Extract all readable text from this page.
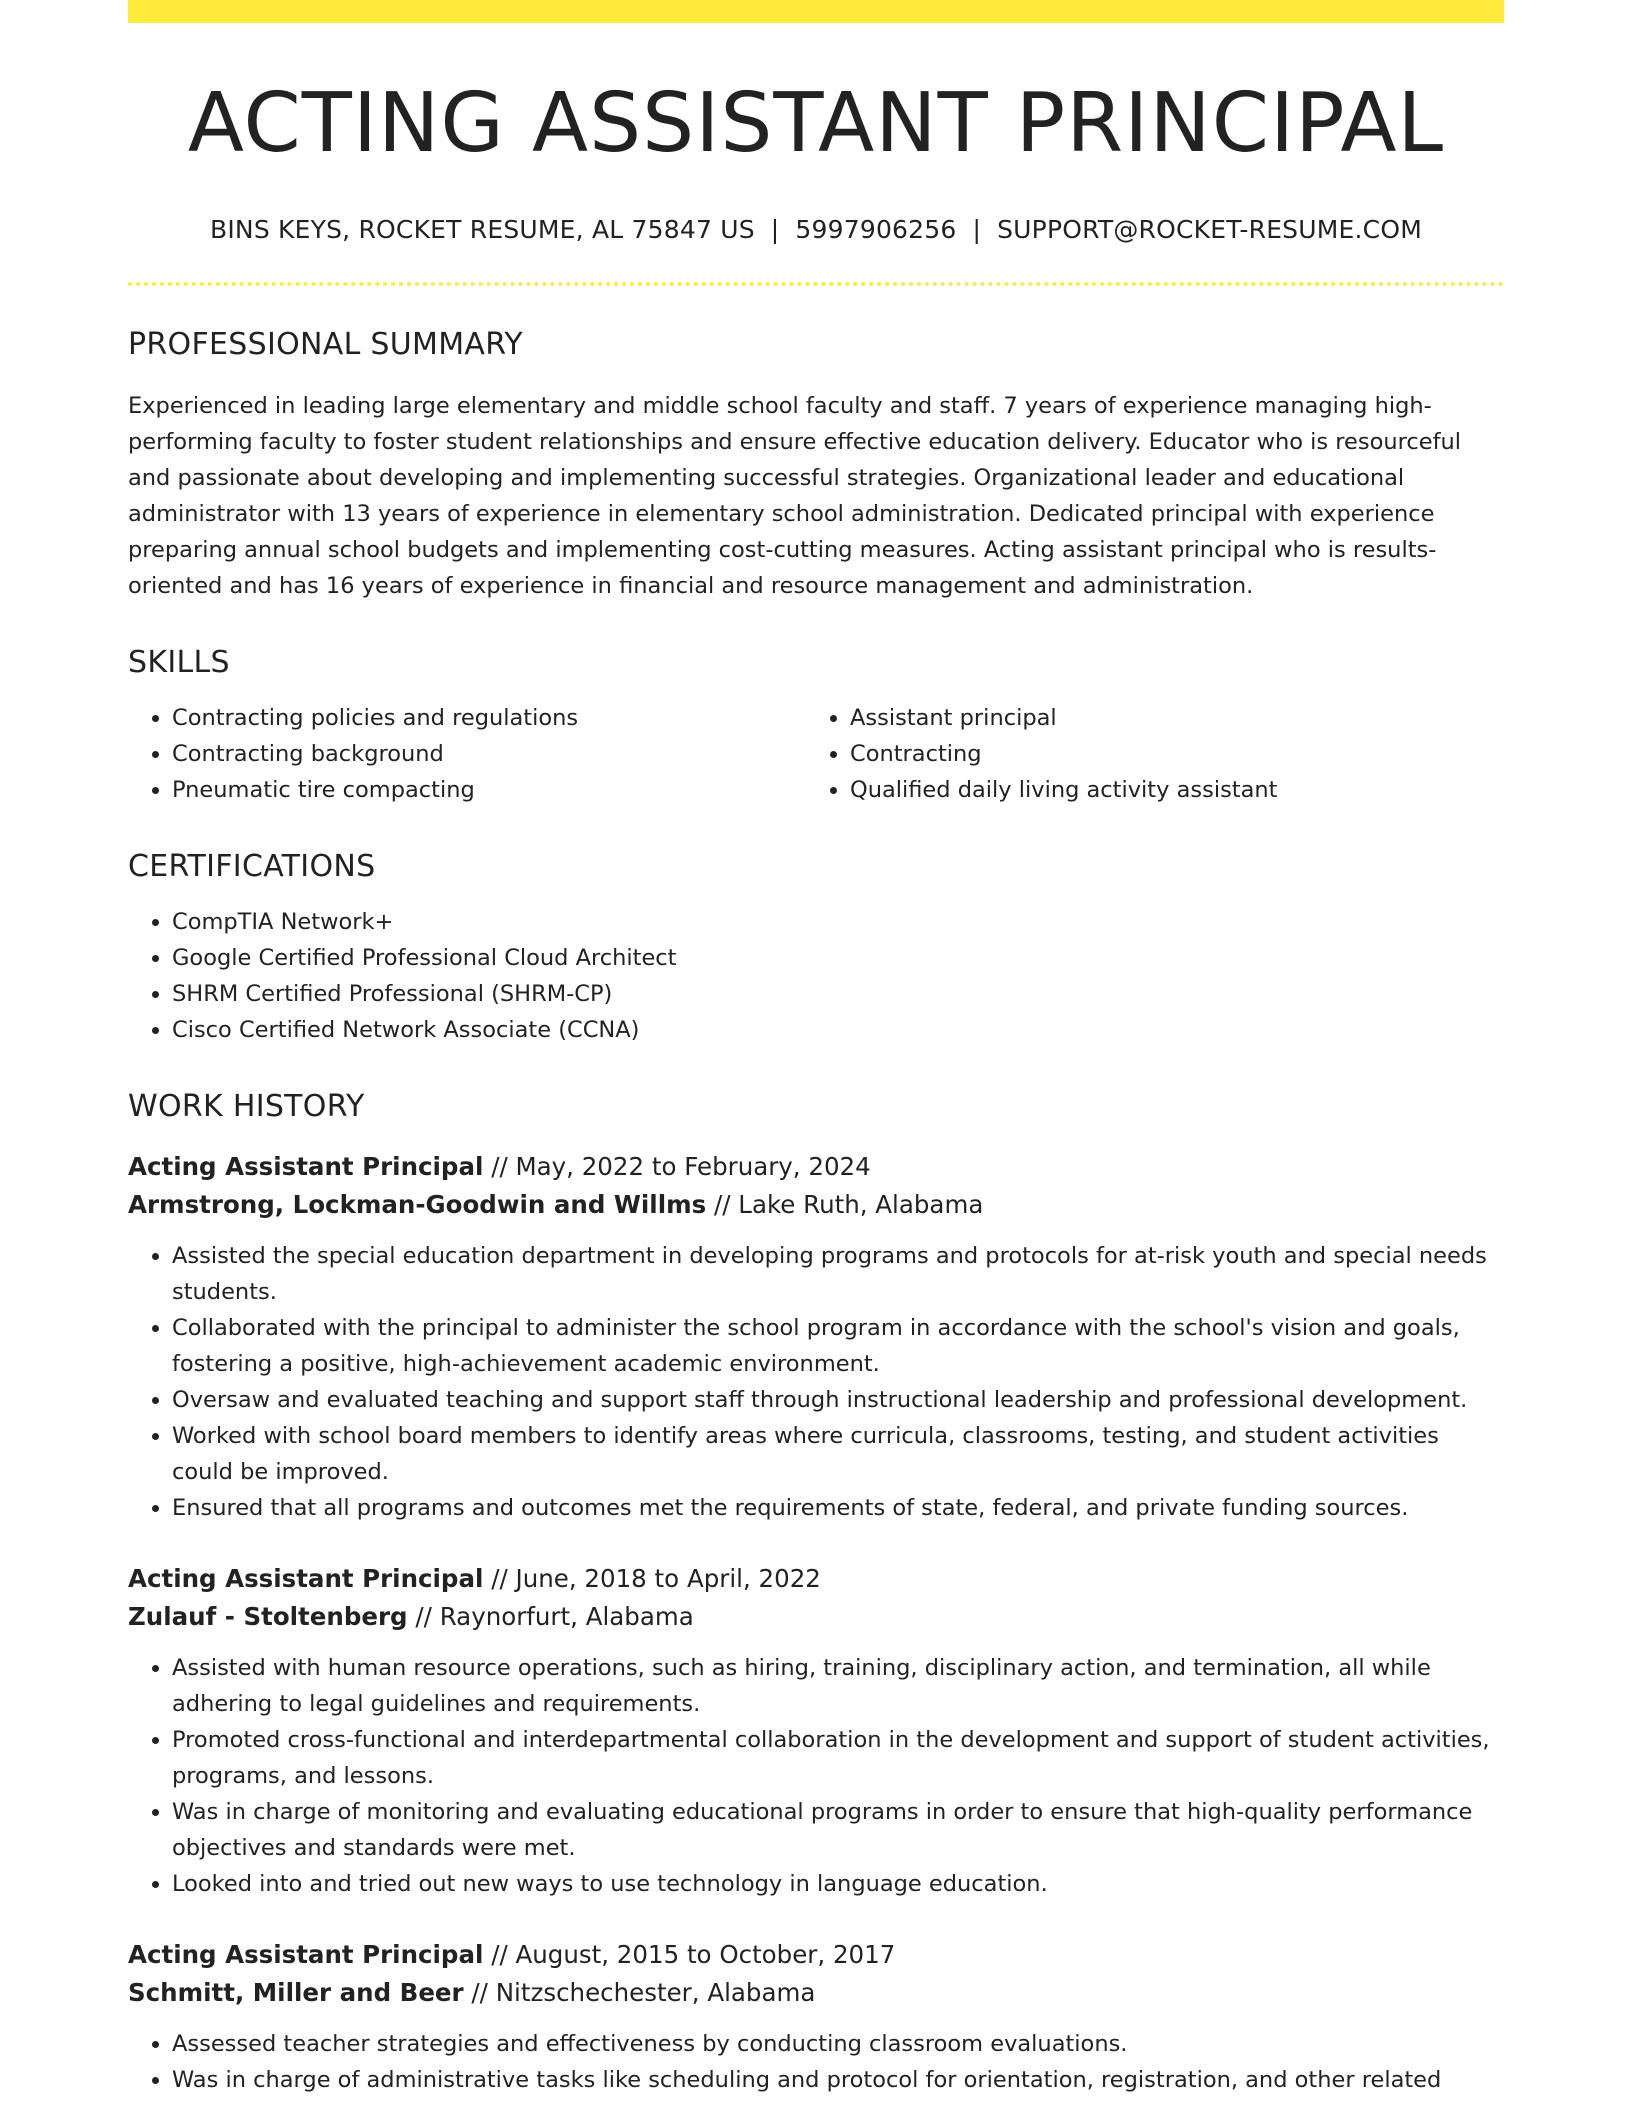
ACTING ASSISTANT PRINCIPAL
BINS KEYS, ROCKET RESUME, AL 75847 US | 5997906256 | SUPPORT@ROCKET-RESUME.COM
PROFESSIONAL SUMMARY

Experienced in leading large elementary and middle school faculty and staff. 7 years of experience managing high-performing faculty to foster student relationships and ensure effective education delivery. Educator who is resourceful and passionate about developing and implementing successful strategies. Organizational leader and educational administrator with 13 years of experience in elementary school administration. Dedicated principal with experience preparing annual school budgets and implementing cost-cutting measures. Acting assistant principal who is results-oriented and has 16 years of experience in financial and resource management and administration.

SKILLS
• Contracting policies and regulations
• Contracting background
• Pneumatic tire compacting
• Assistant principal
• Contracting
• Qualified daily living activity assistant
CERTIFICATIONS
• CompTIA Network+
• Google Certified Professional Cloud Architect
• SHRM Certified Professional (SHRM-CP)
• Cisco Certified Network Associate (CCNA)
WORK HISTORY
Acting Assistant Principal // May, 2022 to February, 2024
Armstrong, Lockman-Goodwin and Willms // Lake Ruth, Alabama
• Assisted the special education department in developing programs and protocols for at-risk youth and special needs students.
• Collaborated with the principal to administer the school program in accordance with the school's vision and goals, fostering a positive, high-achievement academic environment.
• Oversaw and evaluated teaching and support staff through instructional leadership and professional development.
• Worked with school board members to identify areas where curricula, classrooms, testing, and student activities could be improved.
• Ensured that all programs and outcomes met the requirements of state, federal, and private funding sources.
Acting Assistant Principal // June, 2018 to April, 2022
Zulauf - Stoltenberg // Raynorfurt, Alabama
• Assisted with human resource operations, such as hiring, training, disciplinary action, and termination, all while adhering to legal guidelines and requirements.
• Promoted cross-functional and interdepartmental collaboration in the development and support of student activities, programs, and lessons.
• Was in charge of monitoring and evaluating educational programs in order to ensure that high-quality performance objectives and standards were met.
• Looked into and tried out new ways to use technology in language education.
Acting Assistant Principal // August, 2015 to October, 2017
Schmitt, Miller and Beer // Nitzschechester, Alabama
• Assessed teacher strategies and effectiveness by conducting classroom evaluations.
• Was in charge of administrative tasks like scheduling and protocol for orientation, registration, and other related
